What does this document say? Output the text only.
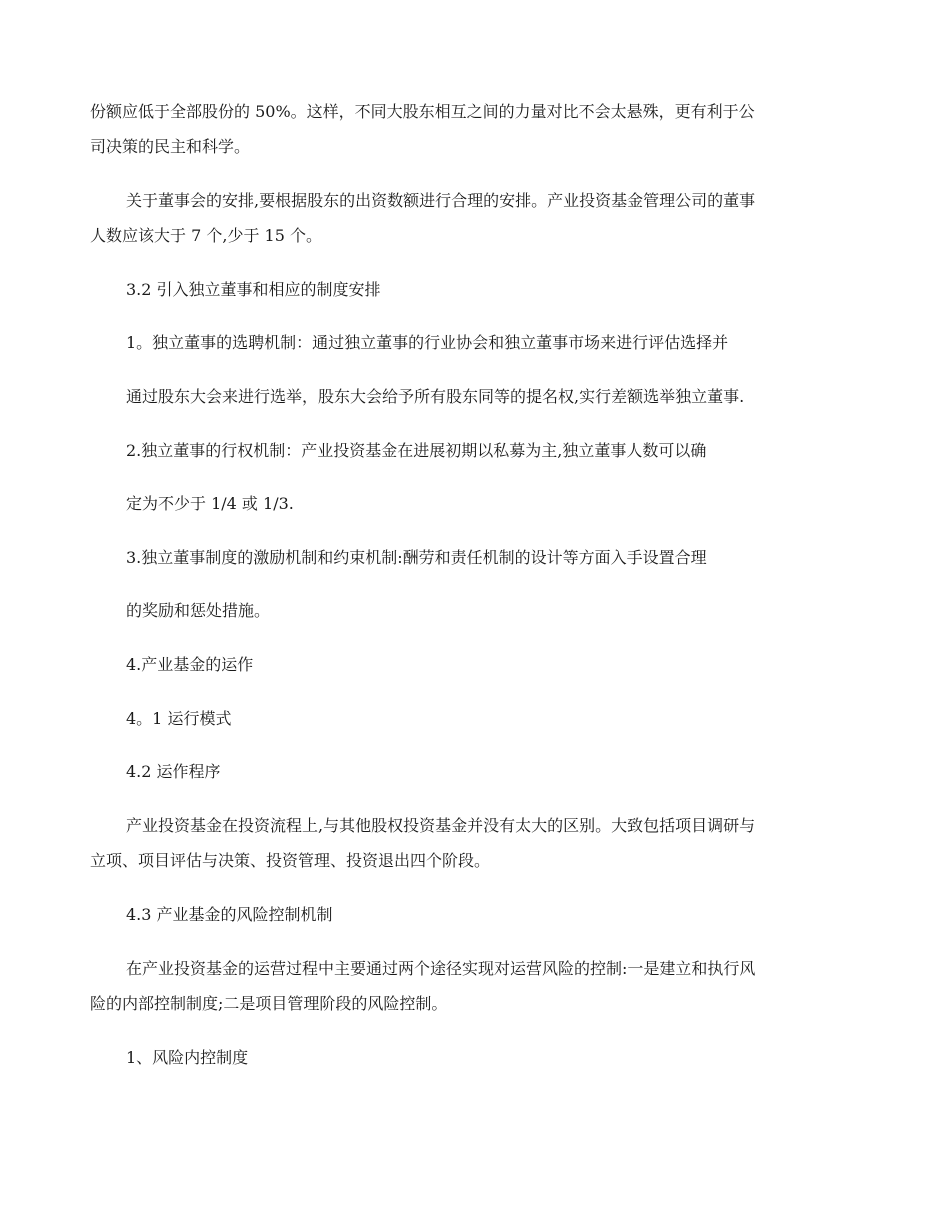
份额应低于全部股份的 50%。这样，不同大股东相互之间的力量对比不会太悬殊，更有利于公

司决策的民主和科学。

关于董事会的安排,要根据股东的出资数额进行合理的安排。产业投资基金管理公司的董事

人数应该大于 7 个,少于 15 个。

3.2 引入独立董事和相应的制度安排

1。独立董事的选聘机制：通过独立董事的行业协会和独立董事市场来进行评估选择并

通过股东大会来进行选举，股东大会给予所有股东同等的提名权,实行差额选举独立董事.

2.独立董事的行权机制：产业投资基金在进展初期以私募为主,独立董事人数可以确

定为不少于 1/4 或 1/3.

3.独立董事制度的激励机制和约束机制:酬劳和责任机制的设计等方面入手设置合理

的奖励和惩处措施。

4.产业基金的运作

4。1 运行模式

4.2 运作程序

产业投资基金在投资流程上,与其他股权投资基金并没有太大的区别。大致包括项目调研与

立项、项目评估与决策、投资管理、投资退出四个阶段。

4.3 产业基金的风险控制机制

在产业投资基金的运营过程中主要通过两个途径实现对运营风险的控制:一是建立和执行风

险的内部控制制度;二是项目管理阶段的风险控制。

1、风险内控制度
